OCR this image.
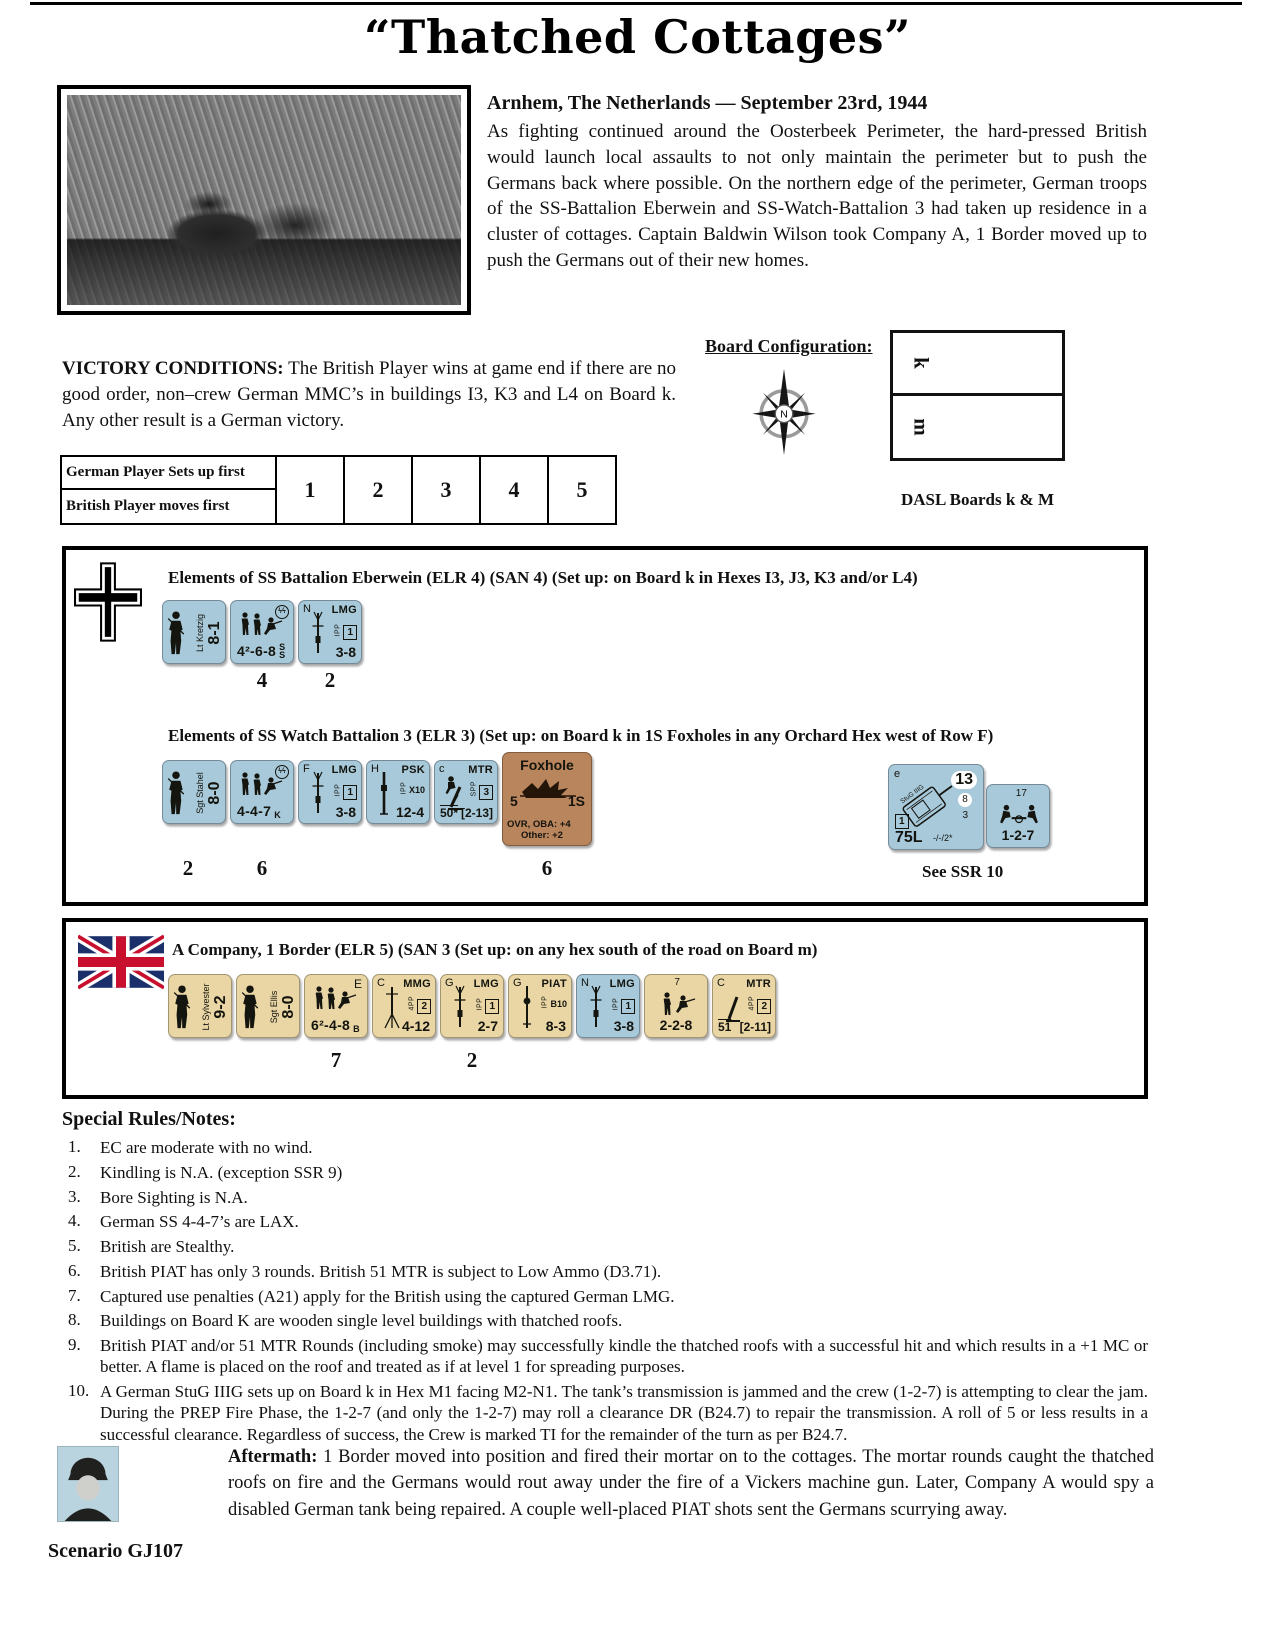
“Thatched Cottages”
Arnhem, The Netherlands — September 23rd, 1944
As fighting continued around the Oosterbeek Perimeter, the hard-pressed British would launch local assaults to not only maintain the perimeter but to push the Germans back where possible. On the northern edge of the perimeter, German troops of the SS-Battalion Eberwein and SS-Watch-Battalion 3 had taken up residence in a cluster of cottages. Captain Baldwin Wilson took Company A, 1 Border moved up to push the Germans out of their new homes.
VICTORY CONDITIONS: The British Player wins at game end if there are no good order, non–crew German MMC’s in buildings I3, K3 and L4 on Board k. Any other result is a German victory.
Board Configuration:
N
k
m
DASL Boards k & M
German Player Sets up first
British Player moves first
1	2	3	4	5
Elements of SS Battalion Eberwein (ELR 4) (SAN 4) (Set up: on Board k in Hexes I3, J3, K3 and/or L4)
Lt Kretzig 8-1
ϟϟ
4²-6-8 SS
N LMG
IPP 1
3-8
4	2
Elements of SS Watch Battalion 3 (ELR 3) (Set up: on Board k in 1S Foxholes in any Orchard Hex west of Row F)
Sgt Stahel 8-0
ϟϟ
4-4-7 K
F LMG
IPP 1
3-8
H PSK
IPP X10
12-4
c MTR
SPP 3
50* [2-13]
Foxhole
5	1S
OVR, OBA: +4
Other: +2
2	6	6
e
StuG IIIG
13
8
3
1
75L -/-/2*
17
1-2-7
See SSR 10
A Company, 1 Border (ELR 5) (SAN 3 (Set up: on any hex south of the road on Board m)
Lt Sylvester 9-2	Sgt Ellis 8-0
E
6²-4-8 B
C MMG
4PP 2
4-12
G LMG
IPP 1
2-7
G PIAT
IPP B10
8-3
N LMG
IPP 1
3-8
7
2-2-8
C MTR
4PP 2
51 [2-11]
7	2
Special Rules/Notes:
1.	EC are moderate with no wind.
2.	Kindling is N.A. (exception SSR 9)
3.	Bore Sighting is N.A.
4.	German SS 4-4-7’s are LAX.
5.	British are Stealthy.
6.	British PIAT has only 3 rounds. British 51 MTR is subject to Low Ammo (D3.71).
7.	Captured use penalties (A21) apply for the British using the captured German LMG.
8.	Buildings on Board K are wooden single level buildings with thatched roofs.
9.	British PIAT and/or 51 MTR Rounds (including smoke) may successfully kindle the thatched roofs with a successful hit and which results in a +1 MC or better. A flame is placed on the roof and treated as if at level 1 for spreading purposes.
10. A German StuG IIIG sets up on Board k in Hex M1 facing M2-N1. The tank’s transmission is jammed and the crew (1-2-7) is attempting to clear the jam. During the PREP Fire Phase, the 1-2-7 (and only the 1-2-7) may roll a clearance DR (B24.7) to repair the transmission. A roll of 5 or less results in a successful clearance. Regardless of success, the Crew is marked TI for the remainder of the turn as per B24.7.
Aftermath: 1 Border moved into position and fired their mortar on to the cottages. The mortar rounds caught the thatched roofs on fire and the Germans would rout away under the fire of a Vickers machine gun. Later, Company A would spy a disabled German tank being repaired. A couple well-placed PIAT shots sent the Germans scurrying away.
Scenario GJ107
